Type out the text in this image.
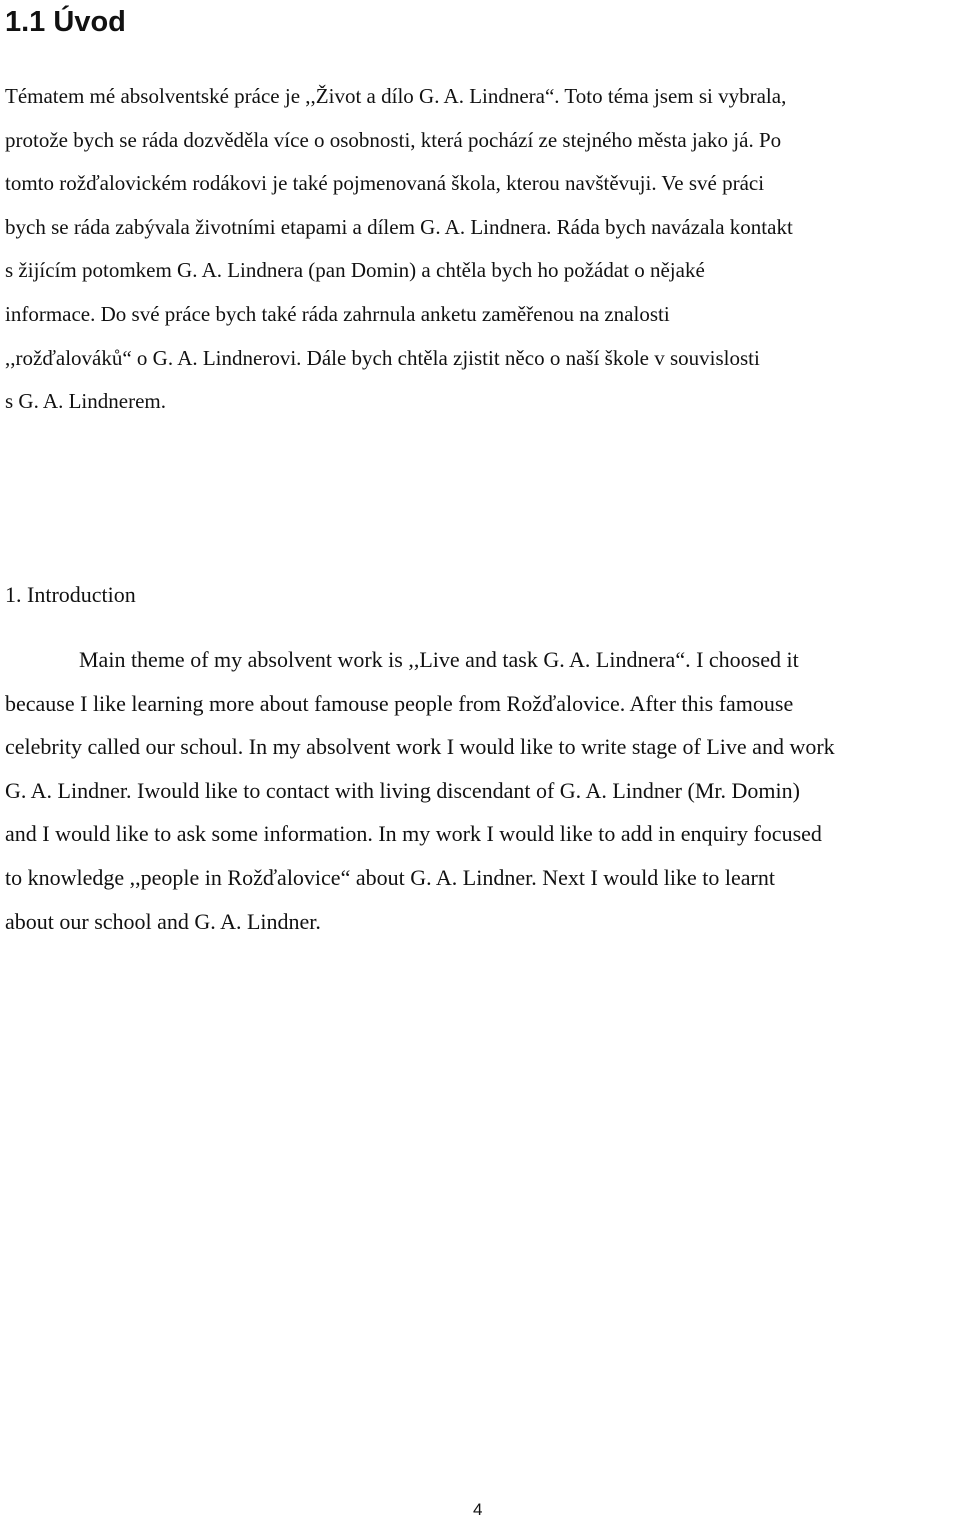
1.1 Úvod
Tématem mé absolventské práce je ,,Život a dílo G. A. Lindnera“. Toto téma jsem si vybrala,
protože bych se ráda dozvěděla více o osobnosti, která pochází ze stejného města jako já. Po
tomto rožďalovickém rodákovi je také pojmenovaná škola, kterou navštěvuji. Ve své práci
bych se ráda zabývala životními etapami a dílem G. A. Lindnera. Ráda bych navázala kontakt
s žijícím potomkem G. A. Lindnera (pan Domin) a chtěla bych ho požádat o nějaké
informace. Do své práce bych také ráda zahrnula anketu zaměřenou na znalosti
,,rožďalováků“ o G. A. Lindnerovi. Dále bych chtěla zjistit něco o naší škole v souvislosti
s G. A. Lindnerem.
1. Introduction
Main theme of my absolvent work is ,,Live and task G. A. Lindnera“. I choosed it
because I like learning more about famouse people from Rožďalovice. After this famouse
celebrity called our schoul. In my absolvent work I would like to write stage of Live and work
G. A. Lindner. Iwould like to contact with living discendant of G. A. Lindner (Mr. Domin)
and I would like to ask some information. In my work I would like to add in enquiry focused
to knowledge ,,people in Rožďalovice“ about G. A. Lindner. Next I would like to learnt
about our school and G. A. Lindner.
4
